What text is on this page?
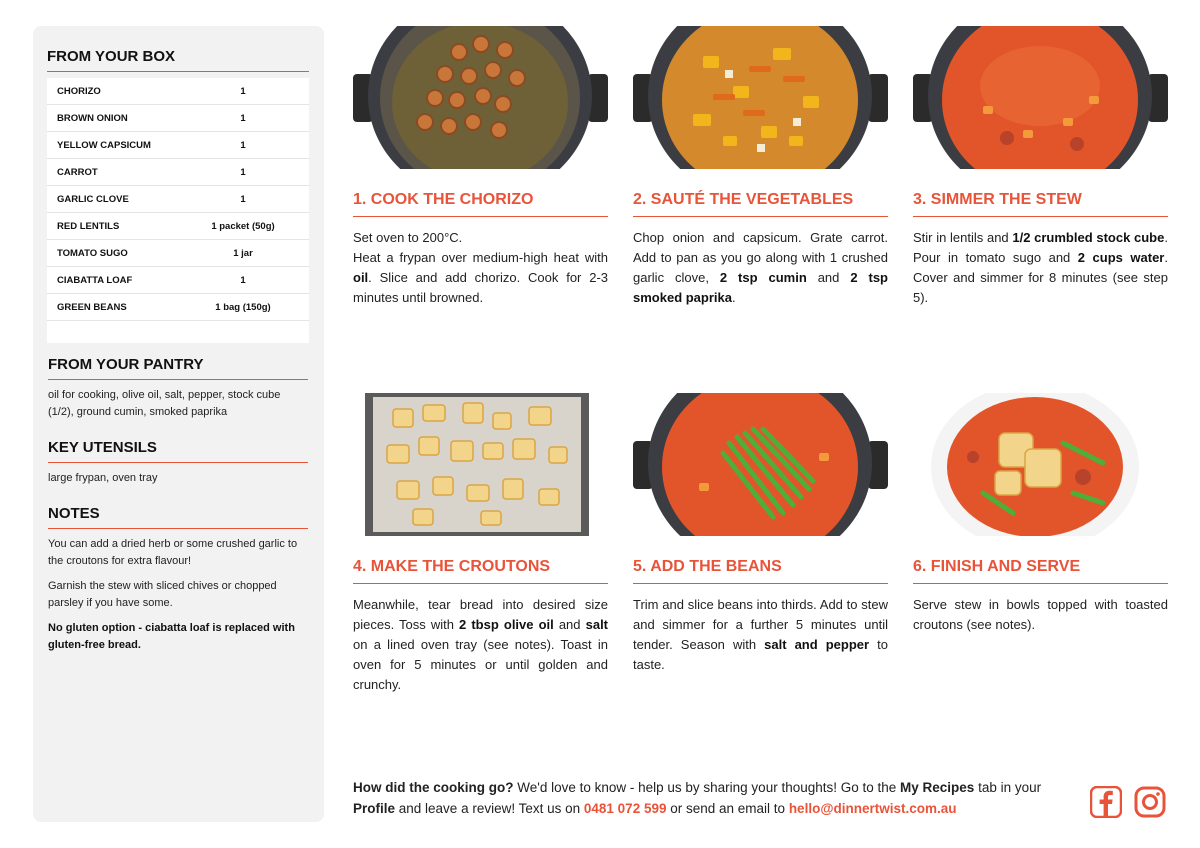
FROM YOUR BOX
CHORIZO	1
BROWN ONION	1
YELLOW CAPSICUM	1
CARROT	1
GARLIC CLOVE	1
RED LENTILS	1 packet (50g)
TOMATO SUGO	1 jar
CIABATTA LOAF	1
GREEN BEANS	1 bag (150g)
FROM YOUR PANTRY
oil for cooking, olive oil, salt, pepper, stock cube (1/2), ground cumin, smoked paprika
KEY UTENSILS
large frypan, oven tray
NOTES

You can add a dried herb or some crushed garlic to the croutons for extra flavour!

Garnish the stew with sliced chives or chopped parsley if you have some.

No gluten option - ciabatta loaf is replaced with gluten-free bread.

1. COOK THE CHORIZO
Set oven to 200°C.
Heat a frypan over medium-high heat with oil. Slice and add chorizo. Cook for 2-3 minutes until browned.
2. SAUTÉ THE VEGETABLES
Chop onion and capsicum. Grate carrot. Add to pan as you go along with 1 crushed garlic clove, 2 tsp cumin and 2 tsp smoked paprika.
3. SIMMER THE STEW
Stir in lentils and 1/2 crumbled stock cube. Pour in tomato sugo and 2 cups water. Cover and simmer for 8 minutes (see step 5).
4. MAKE THE CROUTONS
Meanwhile, tear bread into desired size pieces. Toss with 2 tbsp olive oil and salt on a lined oven tray (see notes). Toast in oven for 5 minutes or until golden and crunchy.
5. ADD THE BEANS
Trim and slice beans into thirds. Add to stew and simmer for a further 5 minutes until tender. Season with salt and pepper to taste.
6. FINISH AND SERVE
Serve stew in bowls topped with toasted croutons (see notes).
How did the cooking go? We'd love to know - help us by sharing your thoughts! Go to the My Recipes tab in your Profile and leave a review! Text us on 0481 072 599 or send an email to hello@dinnertwist.com.au
